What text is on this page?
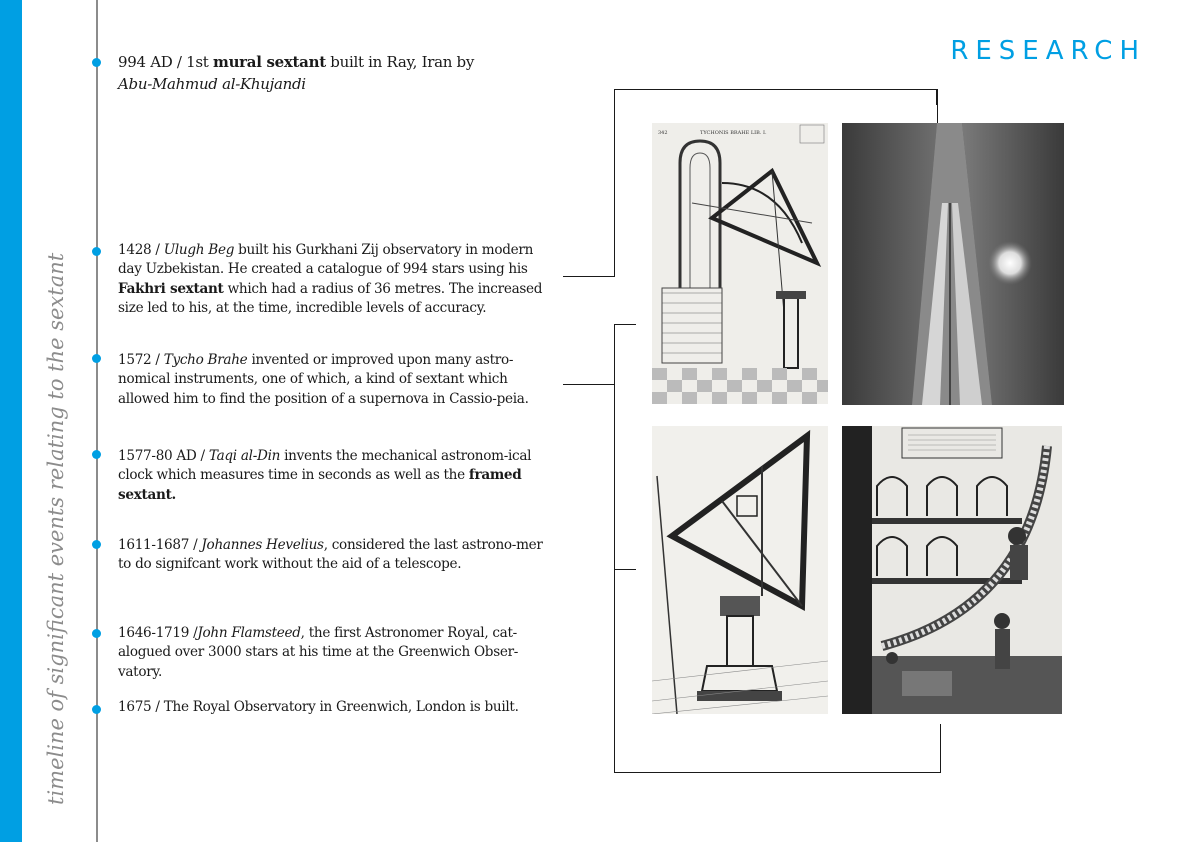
timeline of significant events relating to the sextant
RESEARCH
994 AD / 1st mural sextant built in Ray, Iran by
Abu-Mahmud al-Khujandi
1428 / Ulugh Beg built his Gurkhani Zij observatory in modern day Uzbekistan. He created a catalogue of 994 stars using his Fakhri sextant which had a radius of 36 metres. The increased size led to his, at the time, incredible levels of accuracy.
1572 / Tycho Brahe invented or improved upon many astro-nomical instruments, one of which, a kind of sextant which allowed him to find the position of a supernova in Cassio-peia.
1577-80 AD / Taqi al-Din invents the mechanical astronom-ical clock which measures time in seconds as well as the framed sextant.
1611-1687 / Johannes Hevelius, considered the last astrono-mer to do signifcant work without the aid of a telescope.
1646-1719 /John Flamsteed, the first Astronomer Royal, cat-alogued over 3000 stars at his time at the Greenwich Obser-vatory.
1675 / The Royal Observatory in Greenwich, London is built.
342	TYCHONIS BRAHE LIB. I.
